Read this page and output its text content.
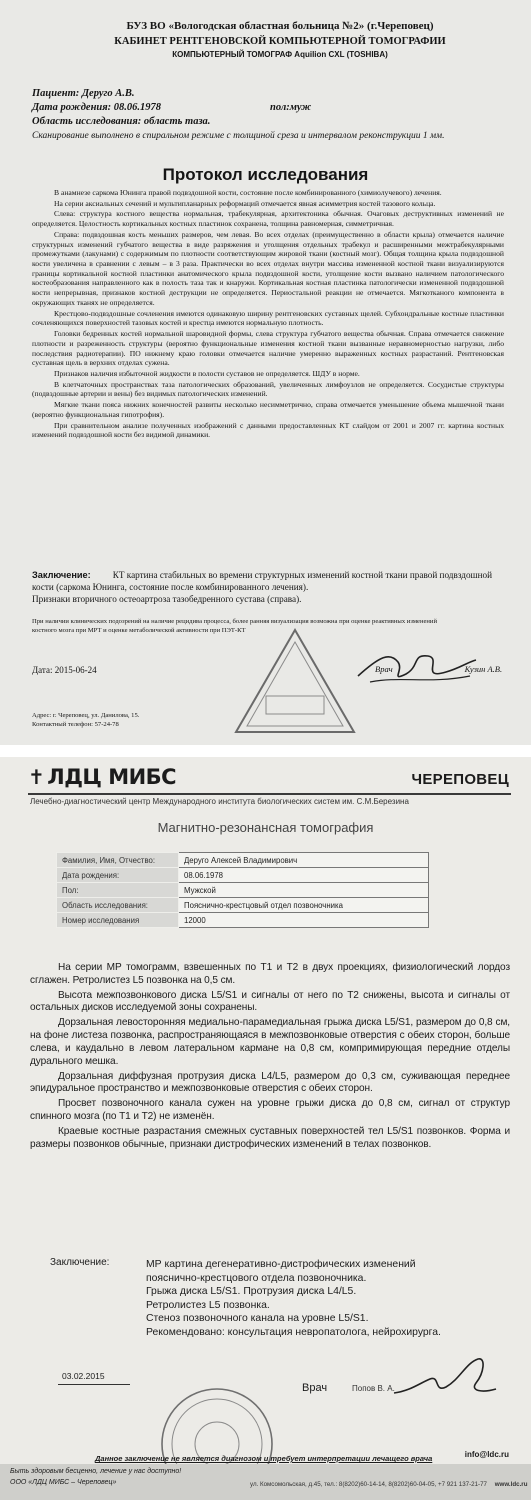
БУЗ ВО «Вологодская областная больница №2» (г.Череповец)
КАБИНЕТ РЕНТГЕНОВСКОЙ КОМПЬЮТЕРНОЙ ТОМОГРАФИИ
КОМПЬЮТЕРНЫЙ ТОМОГРАФ Aquilion CXL (TOSHIBA)
Пациент: Деруго А.В.
Дата рождения: 08.06.1978	пол:муж
Область исследования: область таза.
Сканирование выполнено в спиральном режиме с толщиной среза и интервалом реконструкции 1 мм.
Протокол исследования

В анамнезе саркома Юнинга правой подвздошной кости, состояние после комбинированного (химиолучевого) лечения.

На серии аксиальных сечений и мультипланарных реформаций отмечается явная асимметрия костей тазового кольца.

Слева: структура костного вещества нормальная, трабекулярная, архитектоника обычная. Очаговых деструктивных изменений не определяется. Целостность кортикальных костных пластинок сохранена, толщина равномерная, симметричная.

Справа: подвздошная кость меньших размеров, чем левая. Во всех отделах (преимущественно в области крыла) отмечается наличие структурных изменений губчатого вещества в виде разряжения и утолщения отдельных трабекул и расширенными межтрабекулярными промежутками (лакунами) с содержимым по плотности соответствующим жировой ткани (костный мозг). Общая толщина крыла подвздошной кости увеличена в сравнении с левым – в 3 раза. Практически во всех отделах внутри массива измененной костной ткани визуализируются границы кортикальной костной пластинки анатомического крыла подвздошной кости, утолщение кости вызвано наличием патологического костеобразования направленного как в полость таза так и кнаружи. Кортикальная костная пластинка патологически измененной подвздошной кости непрерывная, признаков костной деструкции не определяется. Периостальной реакции не отмечается. Мягкотканого компонента в окружающих тканях не определяется.

Крестцово-подвздошные сочленения имеются одинаковую ширину рентгеновских суставных щелей. Субхондральные костные пластинки сочленяющихся поверхностей тазовых костей и крестца имеются нормальную плотность.

Головки бедренных костей нормальной шаровидной формы, слева структура губчатого вещества обычная. Справа отмечается снижение плотности и разреженность структуры (вероятно функциональные изменения костной ткани вызванные неравномерностью нагрузки, либо последствия радиотерапии). ПО нижнему краю головки отмечается наличие умеренно выраженных костных разрастаний. Рентгеновская суставная щель в верхних отделах сужена.

Признаков наличия избыточной жидкости в полости суставов не определяется. ШДУ в норме.

В клетчаточных пространствах таза патологических образований, увеличенных лимфоузлов не определяется. Сосудистые структуры (подвздошные артерии и вены) без видимых патологических изменений.

Мягкие ткани пояса нижних конечностей развиты несколько несимметрично, справа отмечается уменьшение объема мышечной ткани (вероятно функциональная гипотрофия).

При сравнительном анализе полученных изображений с данными предоставленных КТ слайдом от 2001 и 2007 гг. картина костных изменений подвздошной кости без видимой динамики.

Заключение: КТ картина стабильных во времени структурных изменений костной ткани правой подвздошной кости (саркома Юнинга, состояние после комбинированного лечения).

Признаки вторичного остеоартроза тазобедренного сустава (справа).

При наличии клинических подозрений на наличие рецидива процесса, более ранняя визуализация возможна при оценке реактивных изменений костного мозга при МРТ и оценке метаболической активности при ПЭТ-КТ
Дата: 2015-06-24	Врач	Кузин А.В.
Адрес: г. Череповец, ул. Данилова, 15.
Контактный телефон: 57-24-78
✝ ЛДЦ МИБС	ЧЕРЕПОВЕЦ
Лечебно-диагностический центр Международного института биологических систем им. С.М.Березина
Магнитно-резонансная томография
Фамилия, Имя, Отчество:	Деруго Алексей Владимирович
Дата рождения:	08.06.1978
Пол:	Мужской
Область исследования:	Пояснично-крестцовый отдел позвоночника
Номер исследования	12000

На серии МР томограмм, взвешенных по Т1 и Т2 в двух проекциях, физиологический лордоз сглажен. Ретролистез L5 позвонка на 0,5 см.

Высота межпозвонкового диска L5/S1 и сигналы от него по Т2 снижены, высота и сигналы от остальных дисков исследуемой зоны сохранены.

Дорзальная левосторонняя медиально-парамедиальная грыжа диска L5/S1, размером до 0,8 см, на фоне листеза позвонка, распространяющаяся в межпозвонковые отверстия с обеих сторон, больше слева, и каудально в левом латеральном кармане на 0,8 см, компримирующая передние отделы дурального мешка.

Дорзальная диффузная протрузия диска L4/L5, размером до 0,3 см, суживающая переднее эпидуральное пространство и межпозвонковые отверстия с обеих сторон.

Просвет позвоночного канала сужен на уровне грыжи диска до 0,8 см, сигнал от структур спинного мозга (по Т1 и Т2) не изменён.

Краевые костные разрастания смежных суставных поверхностей тел L5/S1 позвонков. Форма и размеры позвонков обычные, признаки дистрофических изменений в телах позвонков.

Заключение:	МР картина дегенеративно-дистрофических изменений
пояснично-крестцового отдела позвоночника.
Грыжа диска L5/S1. Протрузия диска L4/L5.
Ретролистез L5 позвонка.
Стеноз позвоночного канала на уровне L5/S1.
Рекомендовано: консультация невропатолога, нейрохирурга.
03.02.2015
Врач	Попов В. А.
info@ldc.ru
Данное заключение не является диагнозом и требует интерпретации лечащего врача
Быть здоровым бесценно, лечение у нас доступно!
ООО «ЛДЦ МИБС – Череповец»	ул. Комсомольская, д.45, тел.: 8(8202)60-14-14, 8(8202)60-04-05, +7 921 137-21-77 www.ldc.ru
